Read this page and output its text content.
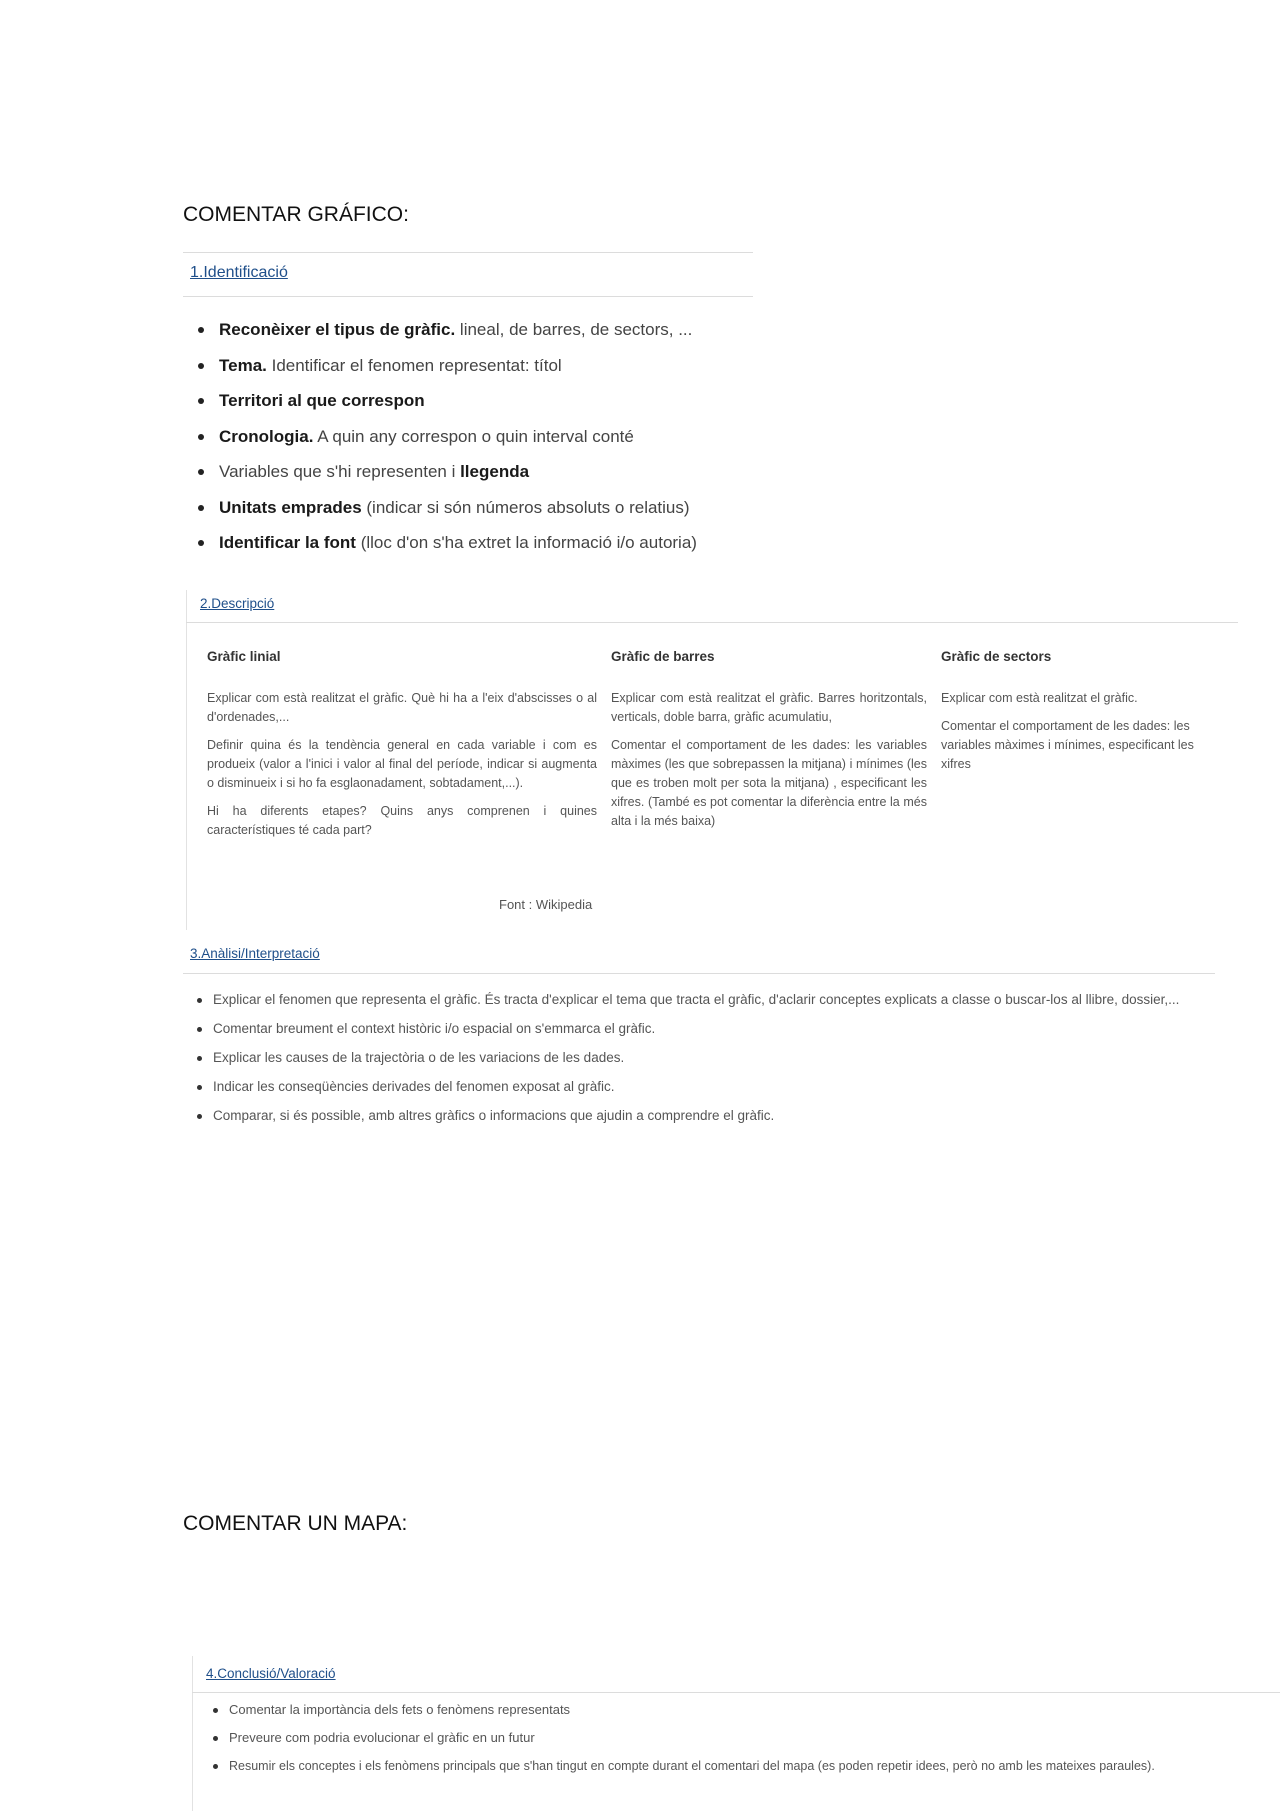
COMENTAR GRÁFICO:
1.Identificació
Reconèixer el tipus de gràfic. lineal, de barres, de sectors, ...
Tema. Identificar el fenomen representat: títol
Territori al que correspon
Cronologia. A quin any correspon o quin interval conté
Variables que s'hi representen i llegenda
Unitats emprades (indicar si són números absoluts o relatius)
Identificar la font (lloc d'on s'ha extret la informació i/o autoria)
2.Descripció
Gràfic linial

Explicar com està realitzat el gràfic. Què hi ha a l'eix d'abscisses o al d'ordenades,...

Definir quina és la tendència general en cada variable i com es produeix (valor a l'inici i valor al final del període, indicar si augmenta o disminueix i si ho fa esglaonadament, sobtadament,...).

Hi ha diferents etapes? Quins anys comprenen i quines característiques té cada part?

Gràfic de barres

Explicar com està realitzat el gràfic. Barres horitzontals, verticals, doble barra, gràfic acumulatiu,

Comentar el comportament de les dades: les variables màximes (les que sobrepassen la mitjana) i mínimes (les que es troben molt per sota la mitjana) , especificant les xifres. (També es pot comentar la diferència entre la més alta i la més baixa)

Gràfic de sectors

Explicar com està realitzat el gràfic.

Comentar el comportament de les dades: les variables màximes i mínimes, especificant les xifres

Font : Wikipedia
3.Anàlisi/Interpretació
Explicar el fenomen que representa el gràfic. És tracta d'explicar el tema que tracta el gràfic, d'aclarir conceptes explicats a classe o buscar-los al llibre, dossier,...
Comentar breument el context històric i/o espacial on s'emmarca el gràfic.
Explicar les causes de la trajectòria o de les variacions de les dades.
Indicar les conseqüències derivades del fenomen exposat al gràfic.
Comparar, si és possible, amb altres gràfics o informacions que ajudin a comprendre el gràfic.
COMENTAR UN MAPA:
4.Conclusió/Valoració
Comentar la importància dels fets o fenòmens representats
Preveure com podria evolucionar el gràfic en un futur
Resumir els conceptes i els fenòmens principals que s'han tingut en compte durant el comentari del mapa (es poden repetir idees, però no amb les mateixes paraules).
